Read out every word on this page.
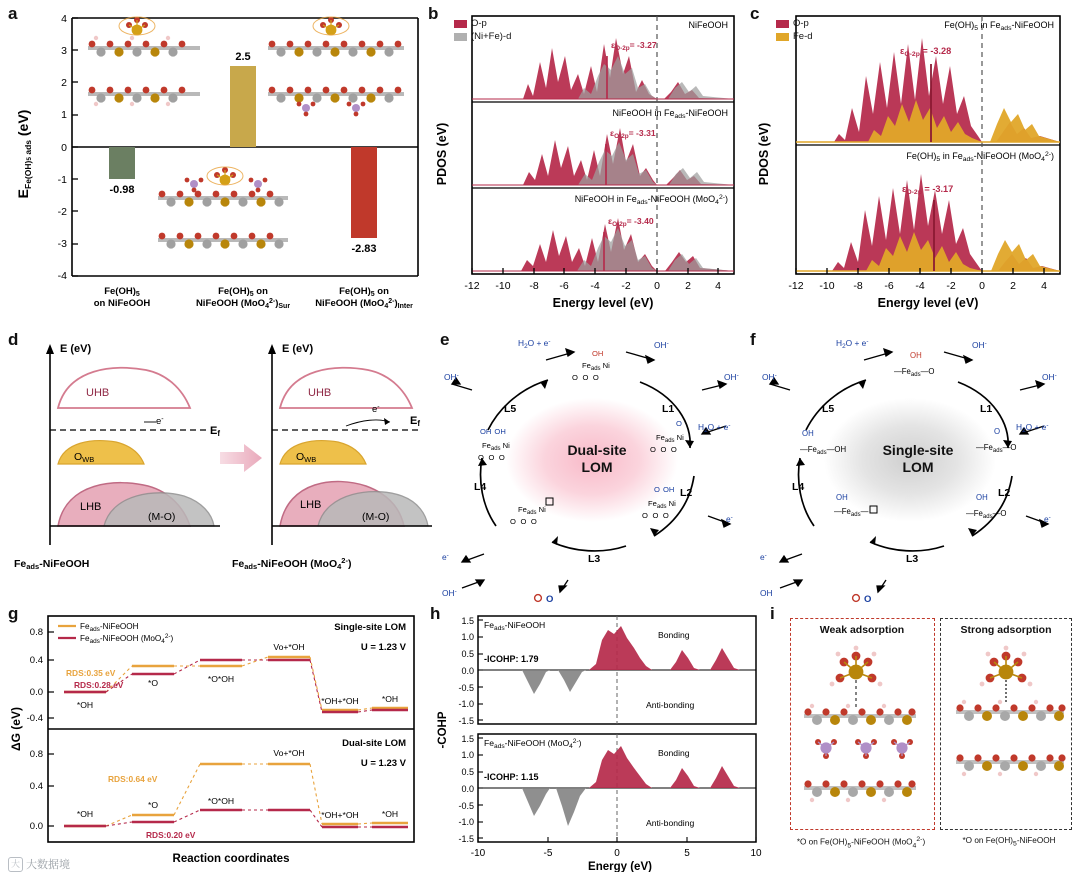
a	4
3
2
1
0
-1
-2
-3
-4
-0.98
2.5
-2.83
$E_{Fe(OH)}5$ ads (eV)
$Fe(OH)_5$
on NiFeOOH
$Fe(OH)_5$ on
NiFeOOH $(MoO_4^{2-})_{Sur}$
$Fe(OH)_5$ on
NiFeOOH $(MoO_4^{2-})_{Inter}$
b
O-p
(Ni+Fe)-d
$\varepsilon_{O-2p}= -3.27$
NiFeOOH
$\varepsilon_{O-2p}= -3.31$
NiFeOOH in $Fe_{ads}$-NiFeOOH
$\varepsilon_{O-2p}= -3.40$
NiFeOOH in $Fe_{ads}$-NiFeOOH (MoO$_4^{2-}$)
-12 -10 -8 -6 -4 -2 0 2 4
Energy level (eV)
PDOS (eV)
c
O-p
Fe-d
$\varepsilon_{O-2p} = -3.28$
$Fe(OH)_5$ in $Fe_{ads}$-NiFeOOH
$\varepsilon_{O-2p} = -3.17$
$Fe(OH)_5$ in $Fe_{ads}$-NiFeOOH (MoO$_4^{2-}$)
-12 -10 -8 -6 -4 -2 0 2 4
Energy level (eV)
PDOS (eV)
d	E (eV)
UHB
Ef
e-
OWB
LHB
(M-O)
Feads-NiFeOOH
E (eV)
UHB
Ef
e-
OWB
LHB
(M-O)
Feads-NiFeOOH $(MoO4^{2-})$
e
L1
L2
L3
L4
L5
$H_2O + e^-$	OH-
$H_2O + e^-$
OH-
e-
OH-
e-
OH-
O
$Fe_{ads}$ Ni
O   O   O
OH
$Fe_{ads}$ Ni
O   O   O
O
$Fe_{ads}$ Ni
O   O   O
O  OH
$Fe_{ads}$ Ni
O   O   O
$Fe_{ads}$ Ni
O   O   O
OH  OH
Dual-site
LOM
f
L1
L2
L3
L4
L5
$H_2O + e^-$	OH-
$H_2O + e^-$
OH-
e-
OH-
e-
OH
O
$—Fe_{ads}—O$
OH
$—Fe_{ads}—O$
O
$—Fe_{ads}—O$
OH
$—Fe_{ads}—$
OH
$—Fe_{ads}—OH$
OH
Single-site
LOM
g
$Fe_{ads}$-NiFeOOH
$Fe_{ads}$-NiFeOOH (MoO$_4^{2-}$)
Single-site LOM
U = 1.23 V
0.8
0.4
0.0
-0.4
RDS:0.35 eV
RDS:0.28 eV
*OH
*O	*O*OH
Vo+*OH
*OH+*OH	*OH
Dual-site LOM
U = 1.23 V
0.8
0.4
0.0
RDS:0.64 eV
RDS:0.20 eV
*OH
*O	*O*OH
Vo+*OH
*OH+*OH	*OH
Reaction coordinates
ΔG (eV)
h 1.5
1.0
0.5
0.0
-0.5
-1.0
-1.5
$Fe_{ads}$-NiFeOOH
-ICOHP: 1.79
Bonding
Anti-bonding
1.5
1.0
0.5
0.0
-0.5
-1.0
-1.5
$Fe_{ads}$-NiFeOOH (MoO$_4^{2-}$)
-ICOHP: 1.15
Bonding
Anti-bonding
-10	-5	0	5	10
Energy (eV)
-COHP
i
Weak adsorption	Strong adsorption
*O on $Fe(OH)_5$-NiFeOOH (MoO$_4^{2-}$)	*O on $Fe(OH)_5$-NiFeOOH
大 大数据境
